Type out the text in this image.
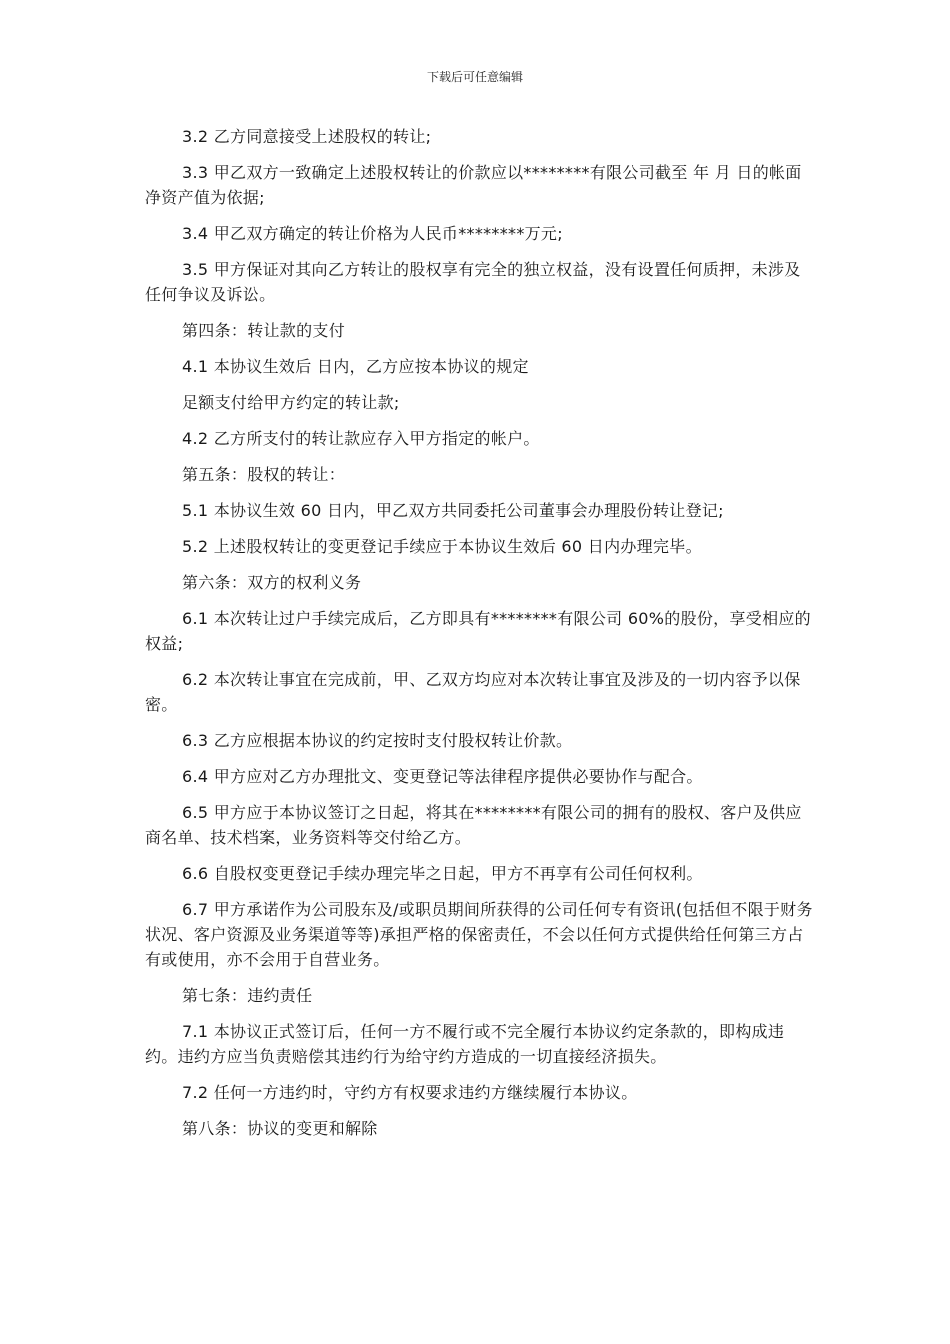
下载后可任意编辑

3.2 乙方同意接受上述股权的转让;

3.3 甲乙双方一致确定上述股权转让的价款应以********有限公司截至 年 月 日的帐面净资产值为依据;

3.4 甲乙双方确定的转让价格为人民币********万元;

3.5 甲方保证对其向乙方转让的股权享有完全的独立权益，没有设置任何质押，未涉及任何争议及诉讼。

第四条：转让款的支付

4.1 本协议生效后 日内，乙方应按本协议的规定

足额支付给甲方约定的转让款;

4.2 乙方所支付的转让款应存入甲方指定的帐户。

第五条：股权的转让：

5.1 本协议生效 60 日内，甲乙双方共同委托公司董事会办理股份转让登记;

5.2 上述股权转让的变更登记手续应于本协议生效后 60 日内办理完毕。

第六条：双方的权利义务

6.1 本次转让过户手续完成后，乙方即具有********有限公司 60%的股份，享受相应的权益;

6.2 本次转让事宜在完成前，甲、乙双方均应对本次转让事宜及涉及的一切内容予以保密。

6.3 乙方应根据本协议的约定按时支付股权转让价款。

6.4 甲方应对乙方办理批文、变更登记等法律程序提供必要协作与配合。

6.5 甲方应于本协议签订之日起，将其在********有限公司的拥有的股权、客户及供应商名单、技术档案，业务资料等交付给乙方。

6.6 自股权变更登记手续办理完毕之日起，甲方不再享有公司任何权利。

6.7 甲方承诺作为公司股东及/或职员期间所获得的公司任何专有资讯(包括但不限于财务状况、客户资源及业务渠道等等)承担严格的保密责任，不会以任何方式提供给任何第三方占有或使用，亦不会用于自营业务。

第七条：违约责任

7.1 本协议正式签订后，任何一方不履行或不完全履行本协议约定条款的，即构成违约。违约方应当负责赔偿其违约行为给守约方造成的一切直接经济损失。

7.2 任何一方违约时，守约方有权要求违约方继续履行本协议。

第八条：协议的变更和解除
